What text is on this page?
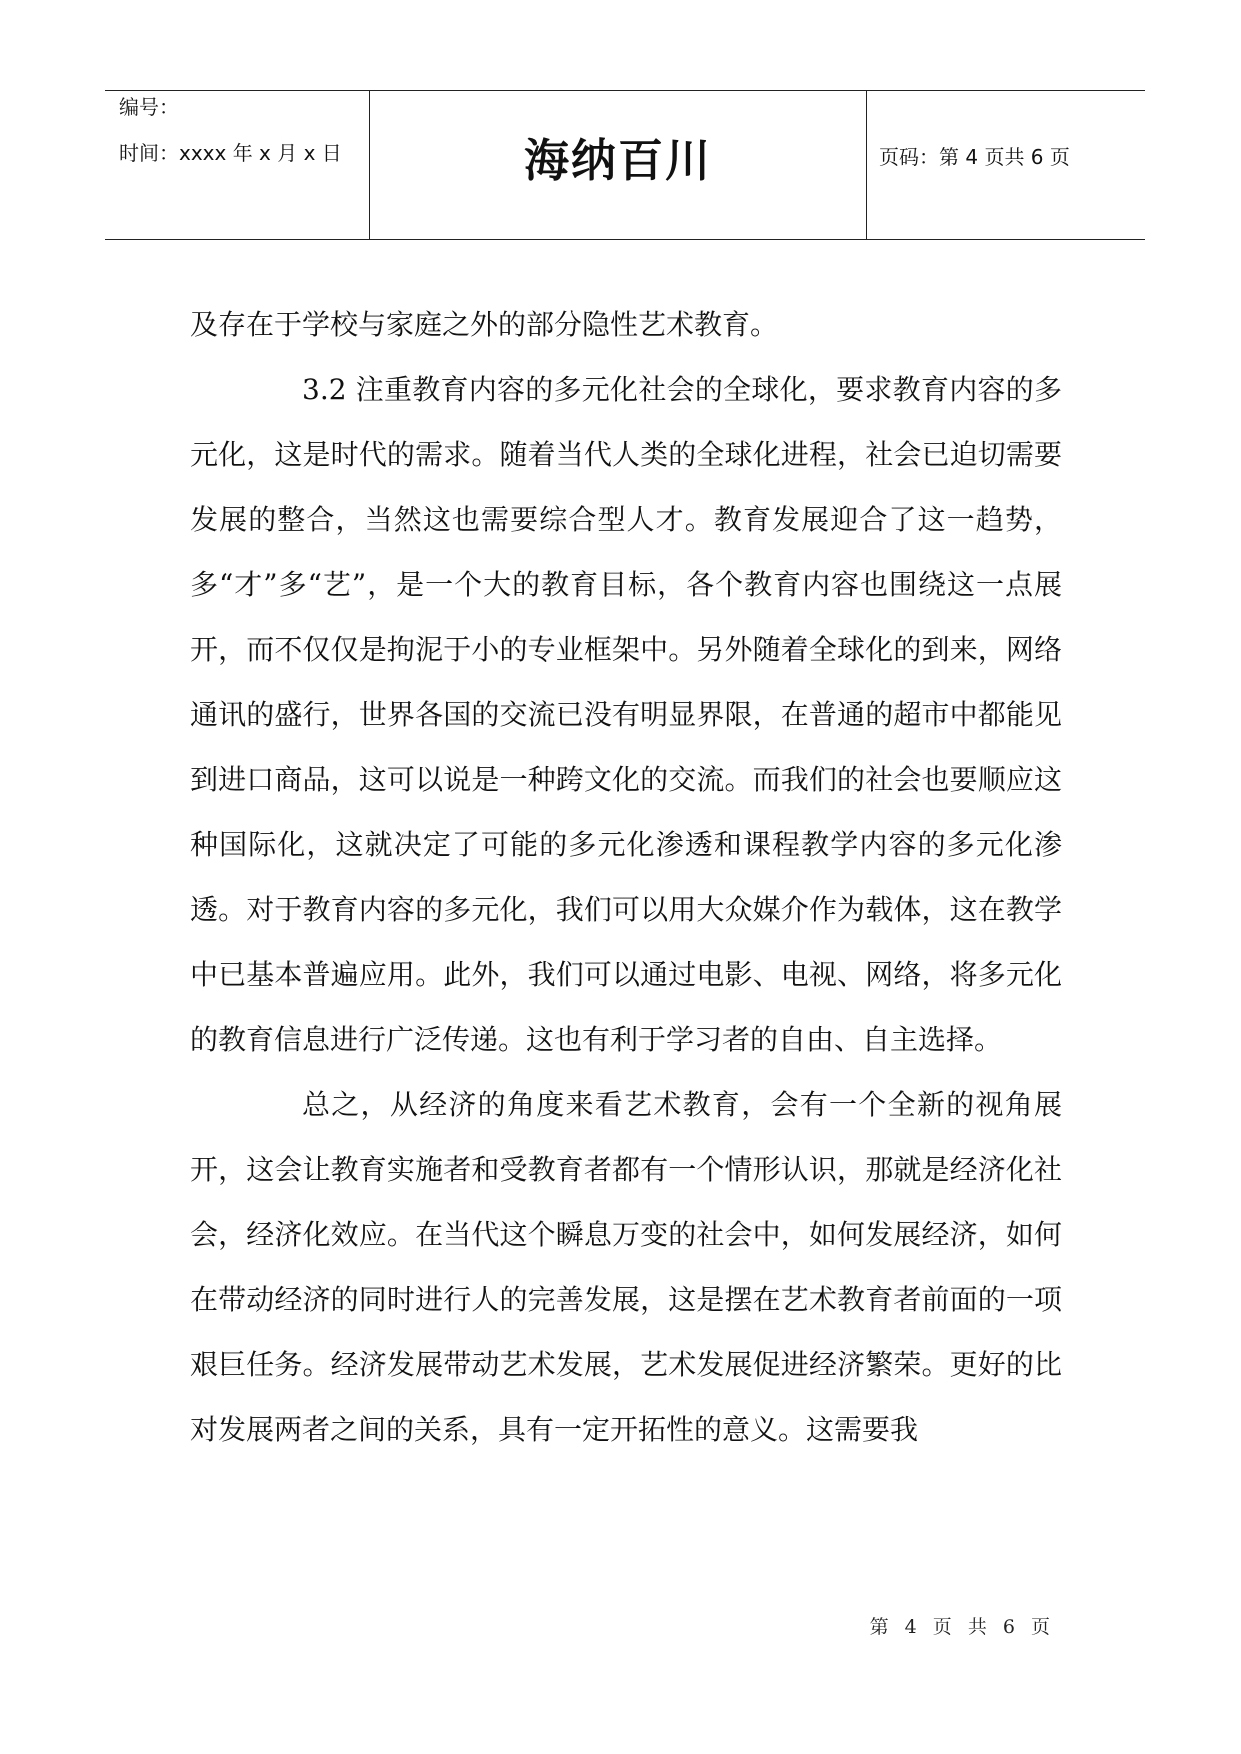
编号：
时间：xxxx 年 x 月 x 日	海纳百川	页码：第 4 页共 6 页

及存在于学校与家庭之外的部分隐性艺术教育。

3.2 注重教育内容的多元化社会的全球化，要求教育内容的多元化，这是时代的需求。随着当代人类的全球化进程，社会已迫切需要发展的整合，当然这也需要综合型人才。教育发展迎合了这一趋势，多“才”多“艺”，是一个大的教育目标，各个教育内容也围绕这一点展开，而不仅仅是拘泥于小的专业框架中。另外随着全球化的到来，网络通讯的盛行，世界各国的交流已没有明显界限，在普通的超市中都能见到进口商品，这可以说是一种跨文化的交流。而我们的社会也要顺应这种国际化，这就决定了可能的多元化渗透和课程教学内容的多元化渗透。对于教育内容的多元化，我们可以用大众媒介作为载体，这在教学中已基本普遍应用。此外，我们可以通过电影、电视、网络，将多元化的教育信息进行广泛传递。这也有利于学习者的自由、自主选择。

总之，从经济的角度来看艺术教育，会有一个全新的视角展开，这会让教育实施者和受教育者都有一个情形认识，那就是经济化社会，经济化效应。在当代这个瞬息万变的社会中，如何发展经济，如何在带动经济的同时进行人的完善发展，这是摆在艺术教育者前面的一项艰巨任务。经济发展带动艺术发展，艺术发展促进经济繁荣。更好的比对发展两者之间的关系，具有一定开拓性的意义。这需要我

第 4 页 共 6 页
